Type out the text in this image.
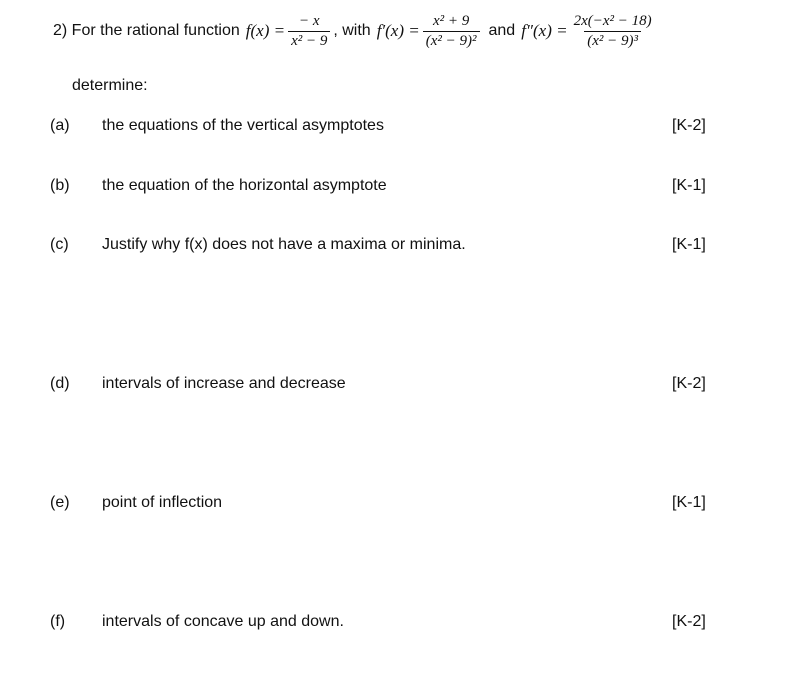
2) For the rational function $f(x) = \frac{- x}{\text{x² − 9}}$ , with $f'(x) = \frac{\text{x² + 9}}{\text{(x² − 9)²}}$ and $f''(x) = \frac{\text{2x(−x² − 18)}}{\text{(x² − 9)³}}$
determine:
(a) the equations of the vertical asymptotes	[K-2]
(b) the equation of the horizontal asymptote	[K-1]
(c) Justify why f(x) does not have a maxima or minima.	[K-1]
(d) intervals of increase and decrease	[K-2]
(e) point of inflection	[K-1]
(f) intervals of concave up and down.	[K-2]
